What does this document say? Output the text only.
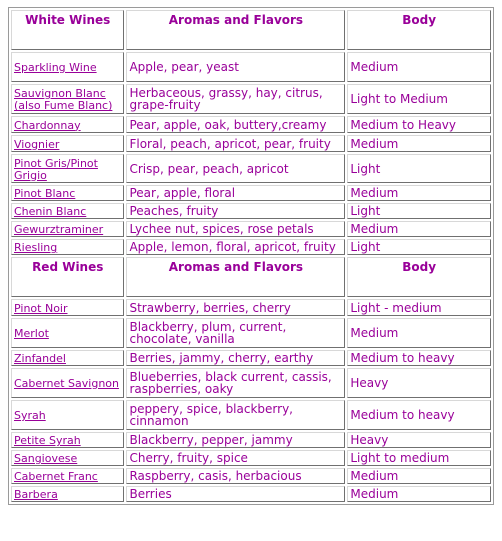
White Wines	Aromas and Flavors	Body
Sparkling Wine	Apple, pear, yeast	Medium
Sauvignon Blanc (also Fume Blanc)	Herbaceous, grassy, hay, citrus, grape-fruity	Light to Medium
Chardonnay	Pear, apple, oak, buttery,creamy	Medium to Heavy
Viognier	Floral, peach, apricot, pear, fruity	Medium
Pinot Gris/Pinot Grigio	Crisp, pear, peach, apricot	Light
Pinot Blanc	Pear, apple, floral	Medium
Chenin Blanc	Peaches, fruity	Light
Gewurztraminer	Lychee nut, spices, rose petals	Medium
Riesling	Apple, lemon, floral, apricot, fruity	Light
Red Wines	Aromas and Flavors	Body
Pinot Noir	Strawberry, berries, cherry	Light - medium
Merlot	Blackberry, plum, current, chocolate, vanilla	Medium
Zinfandel	Berries, jammy, cherry, earthy	Medium to heavy
Cabernet Savignon	Blueberries, black current, cassis, raspberries, oaky	Heavy
Syrah	peppery, spice, blackberry, cinnamon	Medium to heavy
Petite Syrah	Blackberry, pepper, jammy	Heavy
Sangiovese	Cherry, fruity, spice	Light to medium
Cabernet Franc	Raspberry, casis, herbacious	Medium
Barbera	Berries	Medium
